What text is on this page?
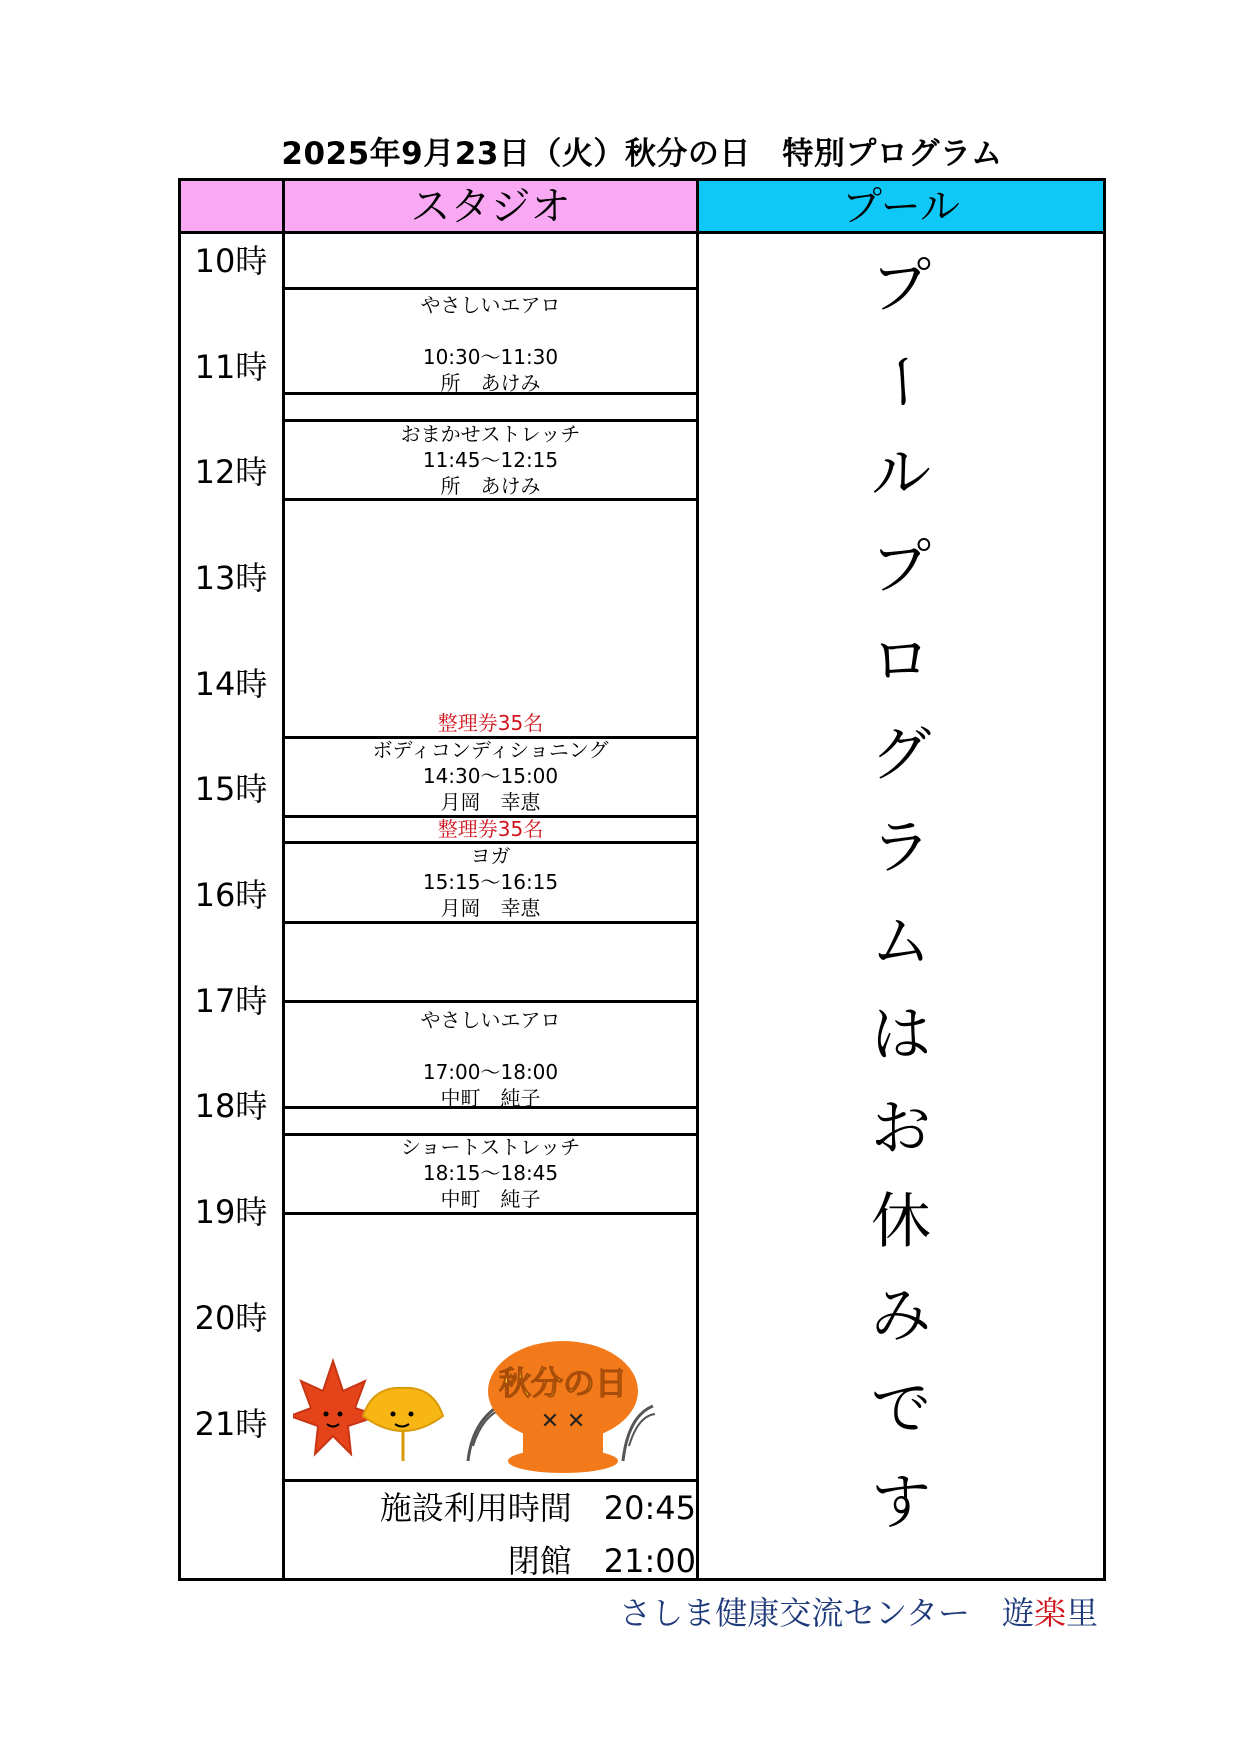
2025年9月23日（火）秋分の日　特別プログラム
スタジオ	プール
10時
11時
12時
13時
14時
15時
16時
17時
18時
19時
20時
21時
やさしいエアロ
10:30～11:30
所　あけみ
おまかせストレッチ
11:45～12:15
所　あけみ
整理券35名
ボディコンディショニング
14:30～15:00
月岡　幸恵
整理券35名
ヨガ
15:15～16:15
月岡　幸恵
やさしいエアロ
17:00～18:00
中町　純子
ショートストレッチ
18:15～18:45
中町　純子
秋分の日
✕ ✕
施設利用時間　20:45
閉館　21:00
プ
ー
ル
プ
ロ
グ
ラ
ム
は
お
休
み
で
す
さしま健康交流センター　遊楽里
